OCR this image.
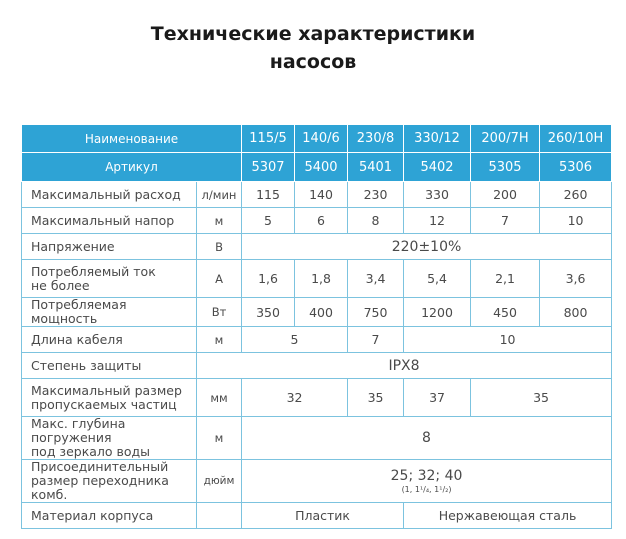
Технические характеристики
насосов
Наименование		115/5	140/6	230/8	330/12	200/7Н	260/10Н
Артикул		5307	5400	5401	5402	5305	5306
Максимальный расход	л/мин	115	140	230	330	200	260
Максимальный напор	м	5	6	8	12	7	10
Напряжение	В	220±10%					
Потребляемый ток
не более	А	1,6	1,8	3,4	5,4	2,1	3,6
Потребляемая мощность	Вт	350	400	750	1200	450	800
Длина кабеля	м	5		7	10		
Степень защиты	IPX8						
Максимальный размер
пропускаемых частиц	мм	32		35	37	35	
Макс. глубина погружения
под зеркало воды	м	8					
Присоединительный
размер переходника комб.	дюйм	25; 32; 40
(1, 1¹/₄, 1¹/₂)					

Материал корпуса		Пластик			Нержавеющая сталь		
